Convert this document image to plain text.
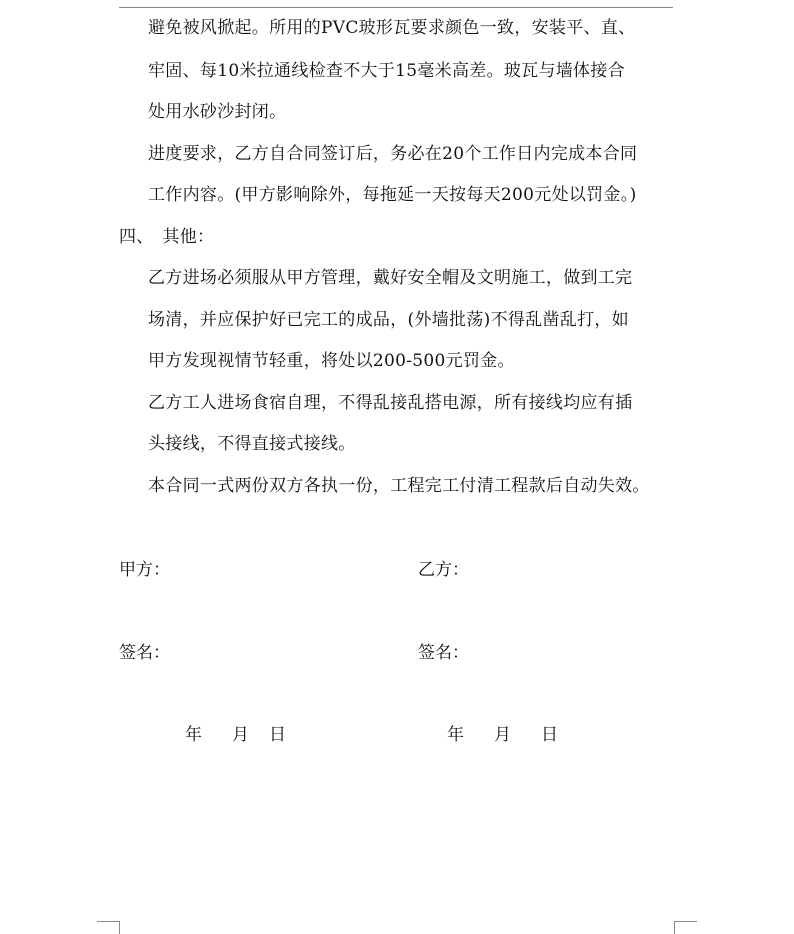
避免被风掀起。所用的PVC玻形瓦要求颜色一致，安装平、直、
牢固、每10米拉通线检查不大于15毫米高差。玻瓦与墙体接合
处用水砂沙封闭。
进度要求，乙方自合同签订后，务必在20个工作日内完成本合同
工作内容。(甲方影响除外，每拖延一天按每天200元处以罚金。)
四、　其他：
乙方进场必须服从甲方管理，戴好安全帽及文明施工，做到工完
场清，并应保护好已完工的成品，(外墙批荡)不得乱凿乱打，如
甲方发现视情节轻重，将处以200-500元罚金。
乙方工人进场食宿自理，不得乱接乱搭电源，所有接线均应有插
头接线，不得直接式接线。
本合同一式两份双方各执一份，工程完工付清工程款后自动失效。
甲方：	乙方：
签名：	签名：
年 月 日	年 月 日
